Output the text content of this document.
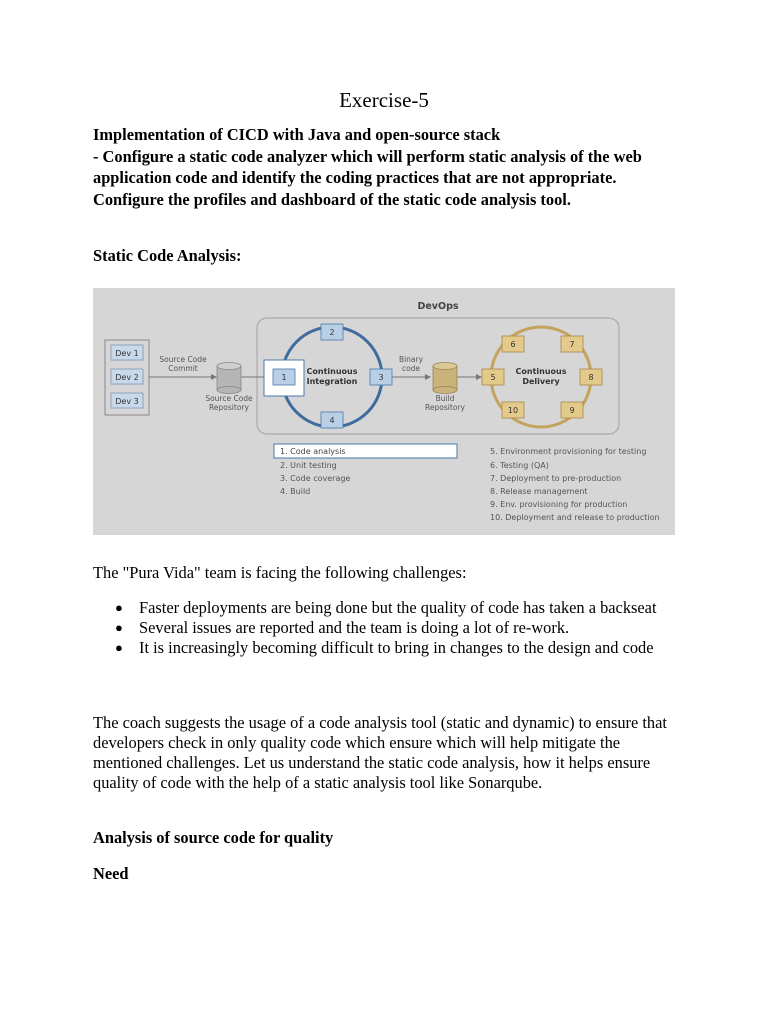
Exercise-5
Implementation of CICD with Java and open-source stack
- Configure a static code analyzer which will perform static analysis of the web application code and identify the coding practices that are not appropriate. Configure the profiles and dashboard of the static code analysis tool.
Static Code Analysis:
DevOps
Dev 1
Dev 2
Dev 3
Source Code Commit
Source Code Repository
Continuous Integration
1
2
3
4
Binary code
Build Repository
Continuous Delivery
5
6	7
8
9
10
1. Code analysis
2. Unit testing
3. Code coverage
4. Build
5. Environment provisioning for testing
6. Testing (QA)
7. Deployment to pre-production
8. Release management
9. Env. provisioning for production
10. Deployment and release to production
The "Pura Vida" team is facing the following challenges:
● Faster deployments are being done but the quality of code has taken a backseat
● Several issues are reported and the team is doing a lot of re-work.
● It is increasingly becoming difficult to bring in changes to the design and code
The coach suggests the usage of a code analysis tool (static and dynamic) to ensure that developers check in only quality code which ensure which will help mitigate the mentioned challenges. Let us understand the static code analysis, how it helps ensure quality of code with the help of a static analysis tool like Sonarqube.
Analysis of source code for quality
Need
